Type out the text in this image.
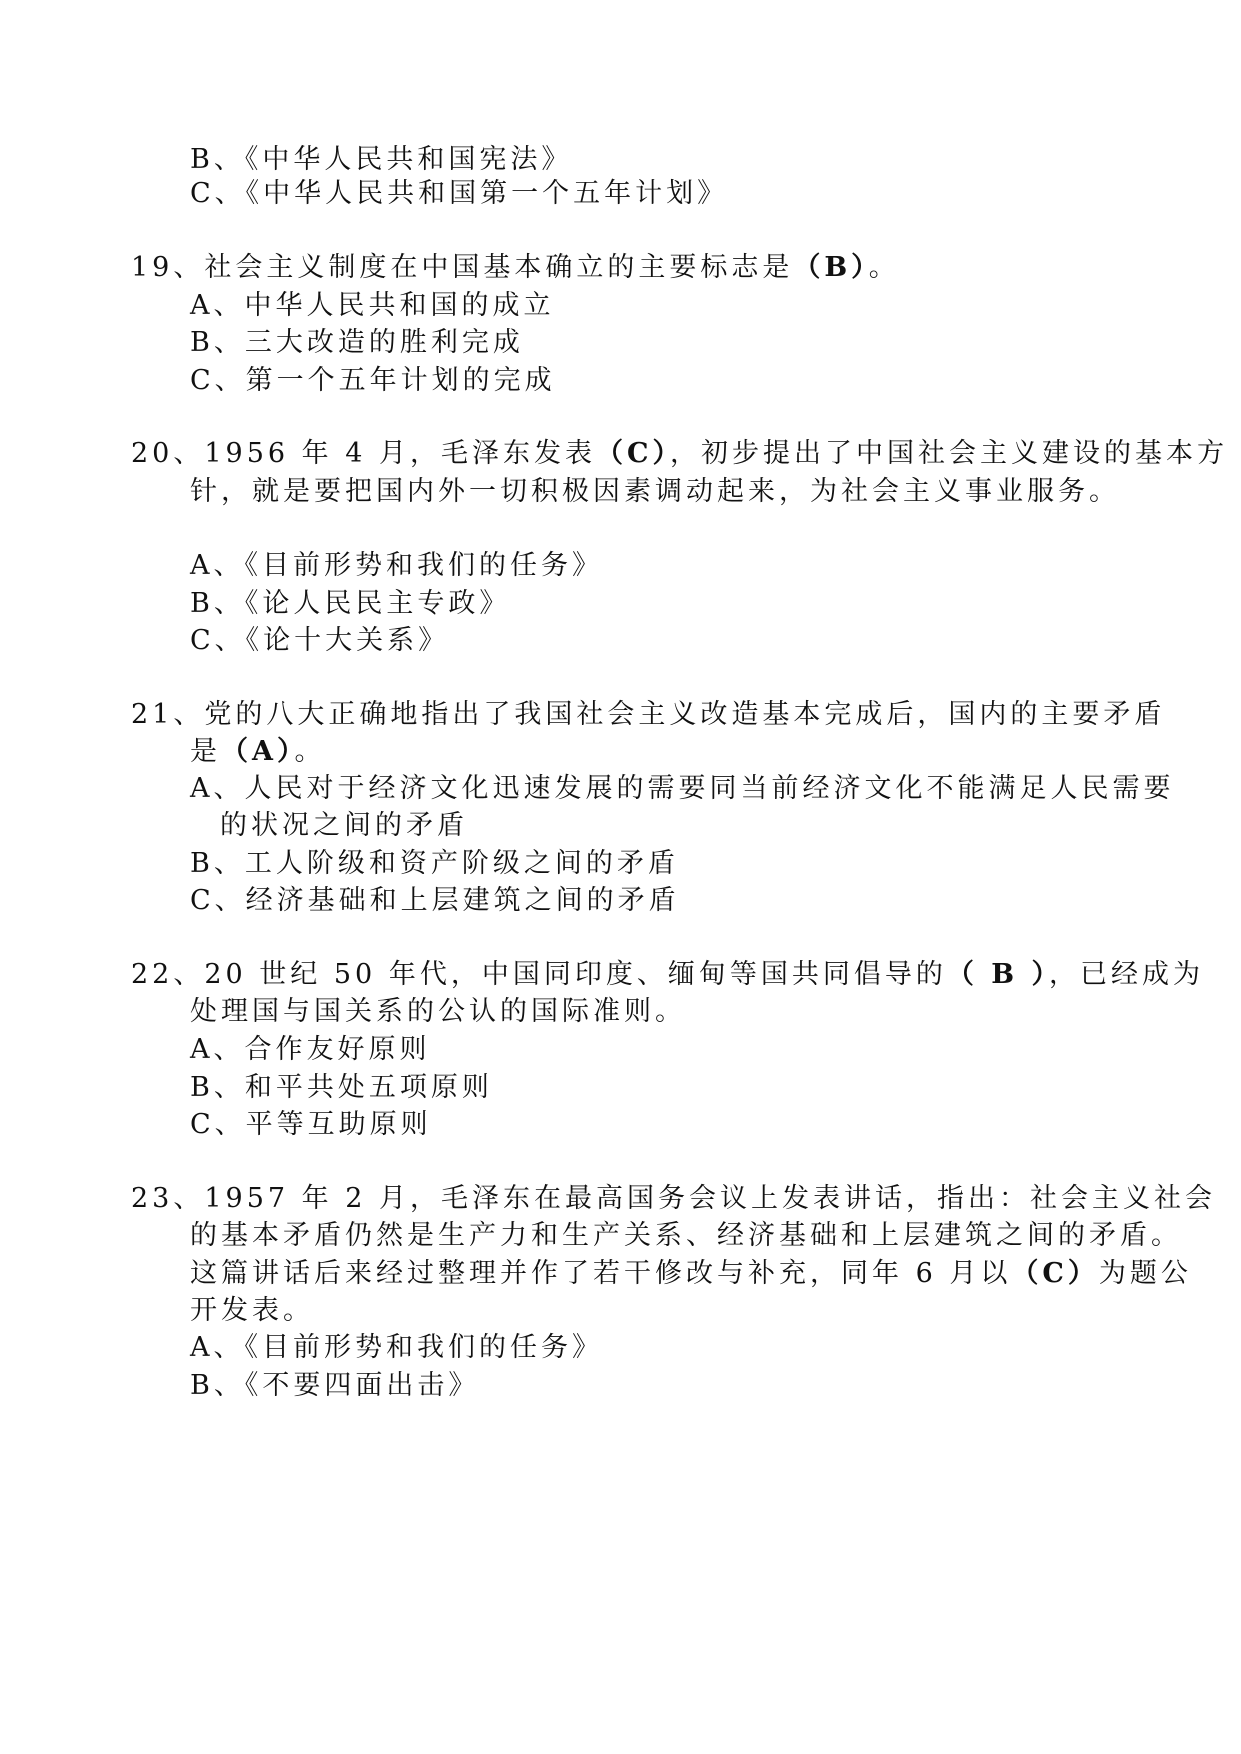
B、《中华人民共和国宪法》
C、《中华人民共和国第一个五年计划》
19、社会主义制度在中国基本确立的主要标志是（B）。
A、中华人民共和国的成立
B、三大改造的胜利完成
C、第一个五年计划的完成
20、1956 年 4 月，毛泽东发表（C），初步提出了中国社会主义建设的基本方
针，就是要把国内外一切积极因素调动起来，为社会主义事业服务。
A、《目前形势和我们的任务》
B、《论人民民主专政》
C、《论十大关系》
21、党的八大正确地指出了我国社会主义改造基本完成后，国内的主要矛盾
是（A）。
A、人民对于经济文化迅速发展的需要同当前经济文化不能满足人民需要
的状况之间的矛盾
B、工人阶级和资产阶级之间的矛盾
C、经济基础和上层建筑之间的矛盾
22、20 世纪 50 年代，中国同印度、缅甸等国共同倡导的（ B ），已经成为
处理国与国关系的公认的国际准则。
A、合作友好原则
B、和平共处五项原则
C、平等互助原则
23、1957 年 2 月，毛泽东在最高国务会议上发表讲话，指出：社会主义社会
的基本矛盾仍然是生产力和生产关系、经济基础和上层建筑之间的矛盾。
这篇讲话后来经过整理并作了若干修改与补充，同年 6 月以（C）为题公
开发表。
A、《目前形势和我们的任务》
B、《不要四面出击》
